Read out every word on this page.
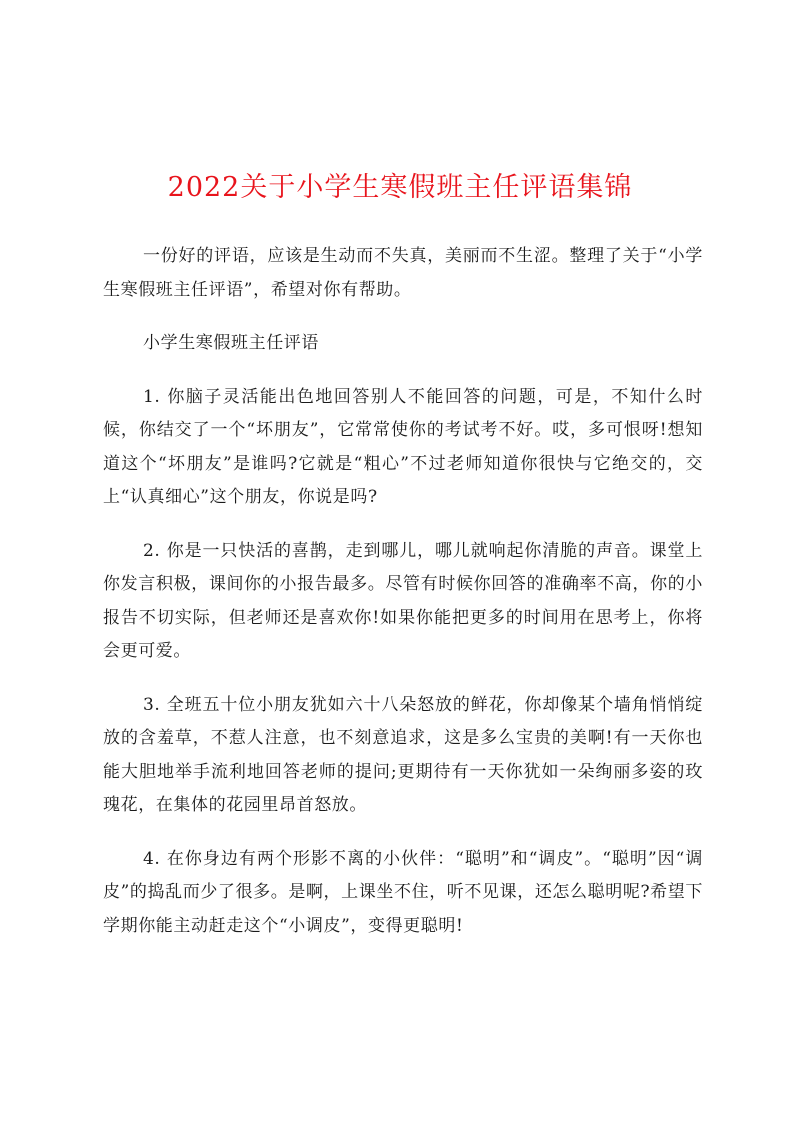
2022关于小学生寒假班主任评语集锦

一份好的评语，应该是生动而不失真，美丽而不生涩。整理了关于“小学生寒假班主任评语”，希望对你有帮助。

小学生寒假班主任评语

1. 你脑子灵活能出色地回答别人不能回答的问题，可是，不知什么时候，你结交了一个“坏朋友”，它常常使你的考试考不好。哎，多可恨呀!想知道这个“坏朋友”是谁吗?它就是“粗心”不过老师知道你很快与它绝交的，交上“认真细心”这个朋友，你说是吗?

2. 你是一只快活的喜鹊，走到哪儿，哪儿就响起你清脆的声音。课堂上你发言积极，课间你的小报告最多。尽管有时候你回答的准确率不高，你的小报告不切实际，但老师还是喜欢你!如果你能把更多的时间用在思考上，你将会更可爱。

3. 全班五十位小朋友犹如六十八朵怒放的鲜花，你却像某个墙角悄悄绽放的含羞草，不惹人注意，也不刻意追求，这是多么宝贵的美啊!有一天你也能大胆地举手流利地回答老师的提问;更期待有一天你犹如一朵绚丽多姿的玫瑰花，在集体的花园里昂首怒放。

4. 在你身边有两个形影不离的小伙伴：“聪明”和“调皮”。“聪明”因“调皮”的捣乱而少了很多。是啊，上课坐不住，听不见课，还怎么聪明呢?希望下学期你能主动赶走这个“小调皮”，变得更聪明!
